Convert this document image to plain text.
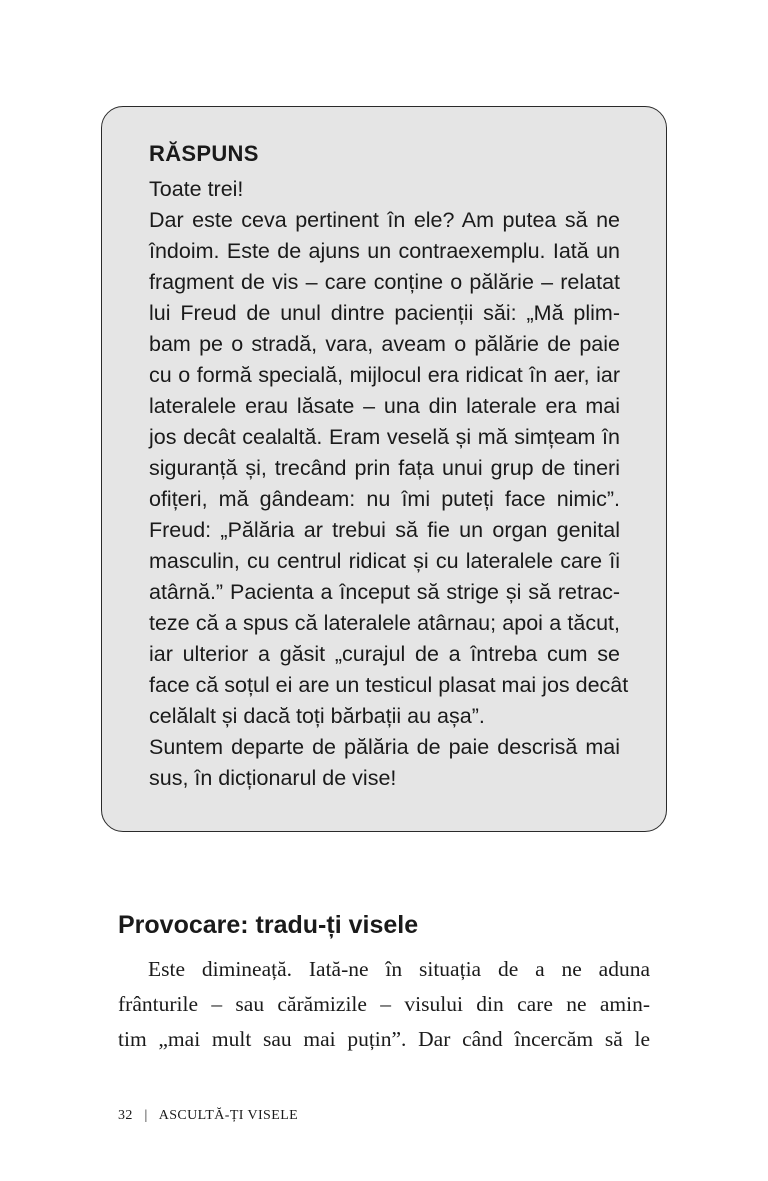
RĂSPUNS
Toate trei!
Dar este ceva pertinent în ele? Am putea să ne
îndoim. Este de ajuns un contraexemplu. Iată un
fragment de vis – care conține o pălărie – relatat
lui Freud de unul dintre pacienții săi: „Mă plim-
bam pe o stradă, vara, aveam o pălărie de paie
cu o formă specială, mijlocul era ridicat în aer, iar
lateralele erau lăsate – una din laterale era mai
jos decât cealaltă. Eram veselă și mă simțeam în
siguranță și, trecând prin fața unui grup de tineri
ofițeri, mă gândeam: nu îmi puteți face nimic”.
Freud: „Pălăria ar trebui să fie un organ genital
masculin, cu centrul ridicat și cu lateralele care îi
atârnă.” Pacienta a început să strige și să retrac-
teze că a spus că lateralele atârnau; apoi a tăcut,
iar ulterior a găsit „curajul de a întreba cum se
face că soțul ei are un testicul plasat mai jos decât
celălalt și dacă toți bărbații au așa”.
Suntem departe de pălăria de paie descrisă mai
sus, în dicționarul de vise!
Provocare: tradu-ți visele
Este dimineață. Iată-ne în situația de a ne aduna
frânturile – sau cărămizile – visului din care ne amin-
tim „mai mult sau mai puțin”. Dar când încercăm să le
32 | ASCULTĂ-ȚI VISELE
